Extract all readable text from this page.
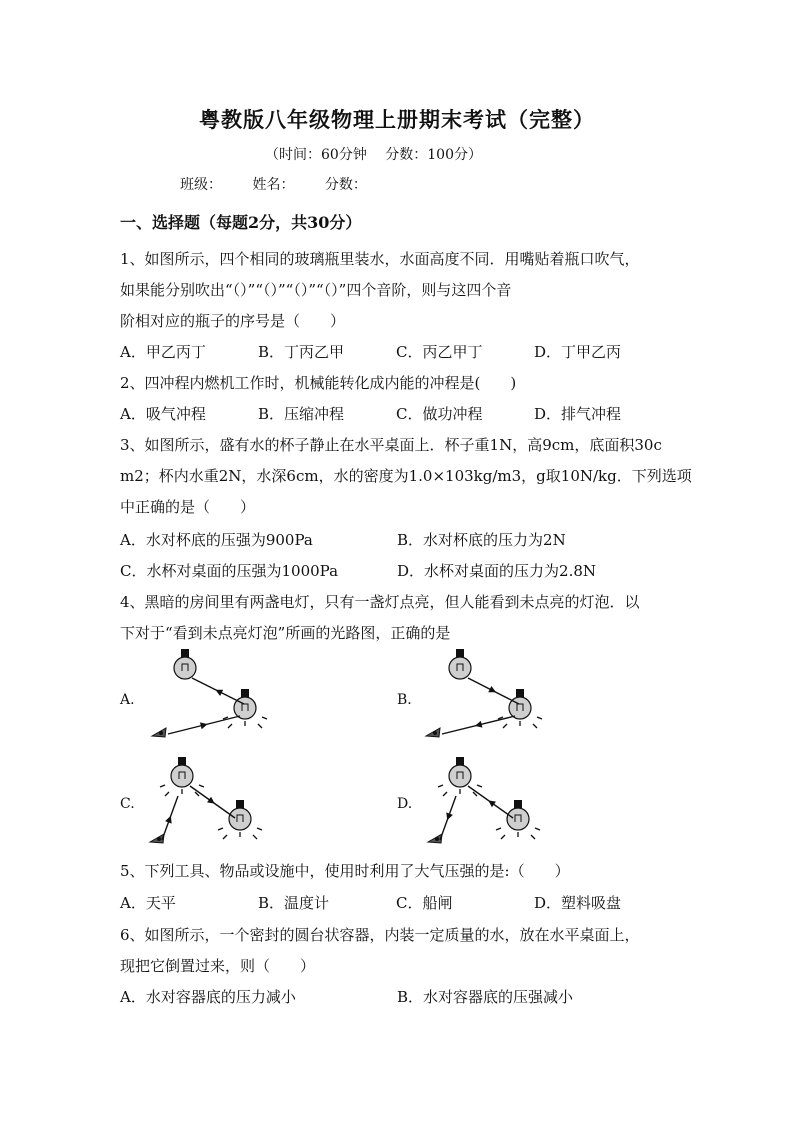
粤教版八年级物理上册期末考试（完整）
（时间：60分钟　 分数：100分）
班级： 姓名： 分数：
一、选择题（每题2分，共30分）
1、如图所示，四个相同的玻璃瓶里装水，水面高度不同．用嘴贴着瓶口吹气，
如果能分别吹出“（）”“（）”“（）”“（）”四个音阶，则与这四个音
阶相对应的瓶子的序号是（　　）
A．甲乙丙丁	B．丁丙乙甲	C．丙乙甲丁	D．丁甲乙丙
2、四冲程内燃机工作时，机械能转化成内能的冲程是(　　)
A．吸气冲程	B．压缩冲程	C．做功冲程	D．排气冲程
3、如图所示，盛有水的杯子静止在水平桌面上．杯子重1N，高9cm，底面积30c
m2；杯内水重2N，水深6cm，水的密度为1.0×103kg/m3，g取10N/kg．下列选项
中正确的是（　　）
A．水对杯底的压强为900Pa	B．水对杯底的压力为2N
C．水杯对桌面的压强为1000Pa	D．水杯对桌面的压力为2.8N
4、黑暗的房间里有两盏电灯，只有一盏灯点亮，但人能看到未点亮的灯泡．以
下对于“看到未点亮灯泡”所画的光路图，正确的是
A.	B.
C.	D.
5、下列工具、物品或设施中，使用时利用了大气压强的是:（　　）
A．天平	B．温度计	C．船闸	D．塑料吸盘
6、如图所示，一个密封的圆台状容器，内装一定质量的水，放在水平桌面上，
现把它倒置过来，则（　　）
A．水对容器底的压力减小	B．水对容器底的压强减小
